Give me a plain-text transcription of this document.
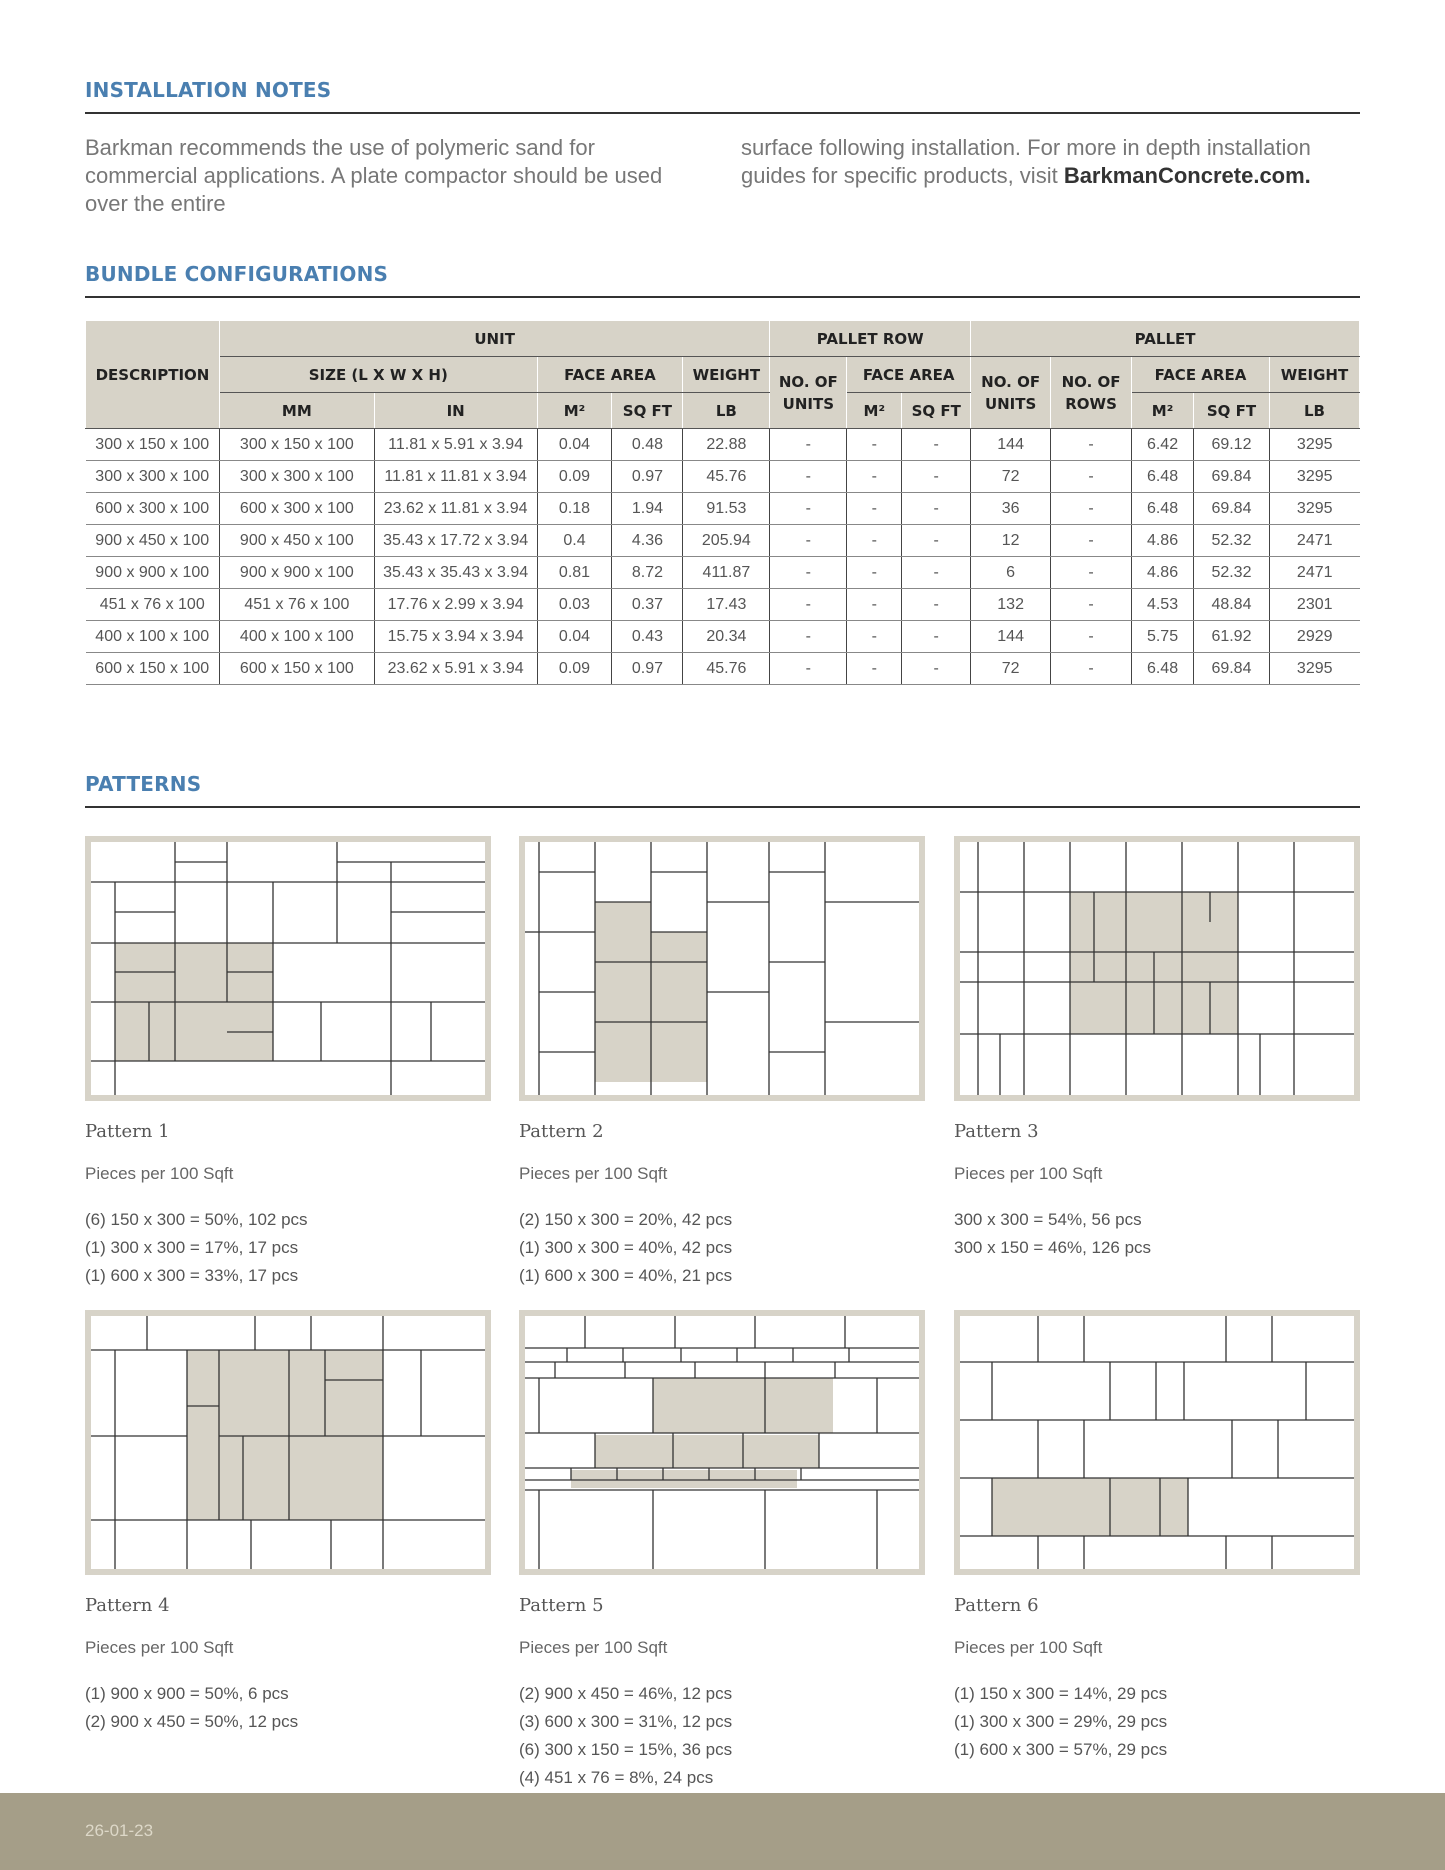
INSTALLATION NOTES

Barkman recommends the use of polymeric sand for commercial applications. A plate compactor should be used over the entire

surface following installation. For more in depth installation guides for specific products, visit BarkmanConcrete.com.

BUNDLE CONFIGURATIONS
DESCRIPTION	UNIT					PALLET ROW			PALLET				
	SIZE (L X W X H)		FACE AREA		WEIGHT	NO. OF UNITS	FACE AREA		NO. OF UNITS	NO. OF ROWS	FACE AREA		WEIGHT
	MM	IN	M²	SQ FT	LB		M²	SQ FT			M²	SQ FT	LB
300 x 150 x 100	300 x 150 x 100	11.81 x 5.91 x 3.94	0.04	0.48	22.88	-	-	-	144	-	6.42	69.12	3295
300 x 300 x 100	300 x 300 x 100	11.81 x 11.81 x 3.94	0.09	0.97	45.76	-	-	-	72	-	6.48	69.84	3295
600 x 300 x 100	600 x 300 x 100	23.62 x 11.81 x 3.94	0.18	1.94	91.53	-	-	-	36	-	6.48	69.84	3295
900 x 450 x 100	900 x 450 x 100	35.43 x 17.72 x 3.94	0.4	4.36	205.94	-	-	-	12	-	4.86	52.32	2471
900 x 900 x 100	900 x 900 x 100	35.43 x 35.43 x 3.94	0.81	8.72	411.87	-	-	-	6	-	4.86	52.32	2471
451 x 76 x 100	451 x 76 x 100	17.76 x 2.99 x 3.94	0.03	0.37	17.43	-	-	-	132	-	4.53	48.84	2301
400 x 100 x 100	400 x 100 x 100	15.75 x 3.94 x 3.94	0.04	0.43	20.34	-	-	-	144	-	5.75	61.92	2929
600 x 150 x 100	600 x 150 x 100	23.62 x 5.91 x 3.94	0.09	0.97	45.76	-	-	-	72	-	6.48	69.84	3295
PATTERNS
Pattern 1
Pieces per 100 Sqft
(6) 150 x 300 = 50%, 102 pcs
(1) 300 x 300 = 17%, 17 pcs
(1) 600 x 300 = 33%, 17 pcs
Pattern 2
Pieces per 100 Sqft
(2) 150 x 300 = 20%, 42 pcs
(1) 300 x 300 = 40%, 42 pcs
(1) 600 x 300 = 40%, 21 pcs
Pattern 3
Pieces per 100 Sqft
300 x 300 = 54%, 56 pcs
300 x 150 = 46%, 126 pcs
Pattern 4
Pieces per 100 Sqft
(1) 900 x 900 = 50%, 6 pcs
(2) 900 x 450 = 50%, 12 pcs
Pattern 5
Pieces per 100 Sqft
(2) 900 x 450 = 46%, 12 pcs
(3) 600 x 300 = 31%, 12 pcs
(6) 300 x 150 = 15%, 36 pcs
(4) 451 x 76 = 8%, 24 pcs
Pattern 6
Pieces per 100 Sqft
(1) 150 x 300 = 14%, 29 pcs
(1) 300 x 300 = 29%, 29 pcs
(1) 600 x 300 = 57%, 29 pcs
26-01-23
